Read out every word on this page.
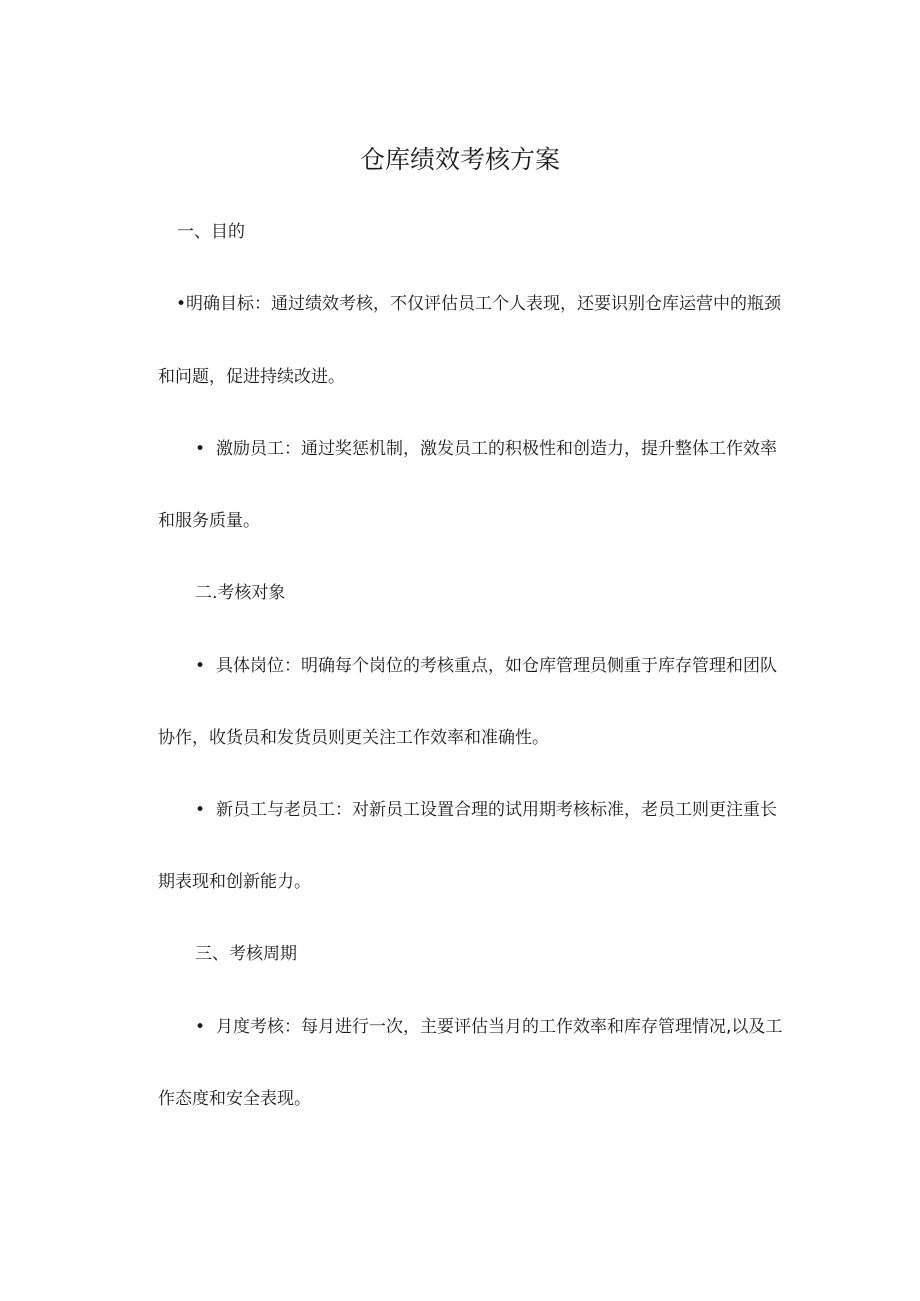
仓库绩效考核方案
一、目的
•明确目标：通过绩效考核，不仅评估员工个人表现，还要识别仓库运营中的瓶颈
和问题，促进持续改进。
• 激励员工：通过奖惩机制，激发员工的积极性和创造力，提升整体工作效率
和服务质量。
二.考核对象
• 具体岗位：明确每个岗位的考核重点，如仓库管理员侧重于库存管理和团队
协作，收货员和发货员则更关注工作效率和准确性。
• 新员工与老员工：对新员工设置合理的试用期考核标准，老员工则更注重长
期表现和创新能力。
三、考核周期
• 月度考核：每月进行一次，主要评估当月的工作效率和库存管理情况,以及工
作态度和安全表现。
